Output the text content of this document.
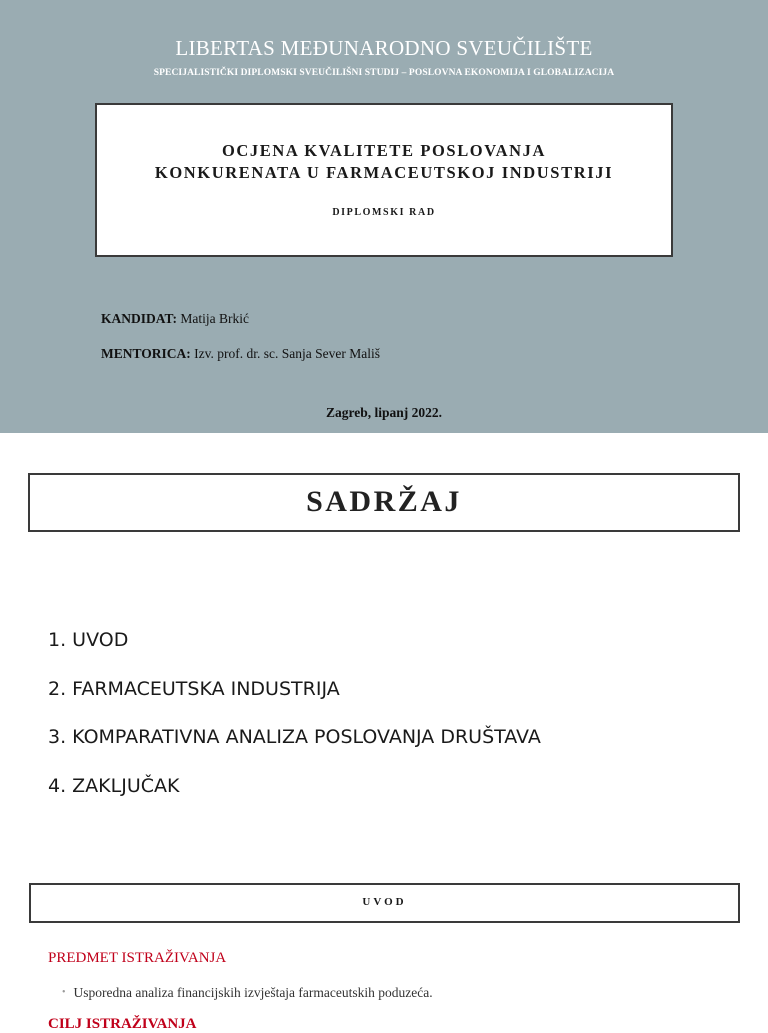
LIBERTAS MEĐUNARODNO SVEUČILIŠTE
SPECIJALISTIČKI DIPLOMSKI SVEUČILIŠNI STUDIJ – POSLOVNA EKONOMIJA I GLOBALIZACIJA
OCJENA KVALITETE POSLOVANJA
KONKURENATA U FARMACEUTSKOJ INDUSTRIJI
DIPLOMSKI RAD
KANDIDAT: Matija Brkić
MENTORICA: Izv. prof. dr. sc. Sanja Sever Mališ
Zagreb, lipanj 2022.
SADRŽAJ
1. UVOD
2. FARMACEUTSKA INDUSTRIJA
3. KOMPARATIVNA ANALIZA POSLOVANJA DRUŠTAVA
4. ZAKLJUČAK
UVOD
PREDMET ISTRAŽIVANJA
• Usporedna analiza financijskih izvještaja farmaceutskih poduzeća.
CILJ ISTRAŽIVANJA
